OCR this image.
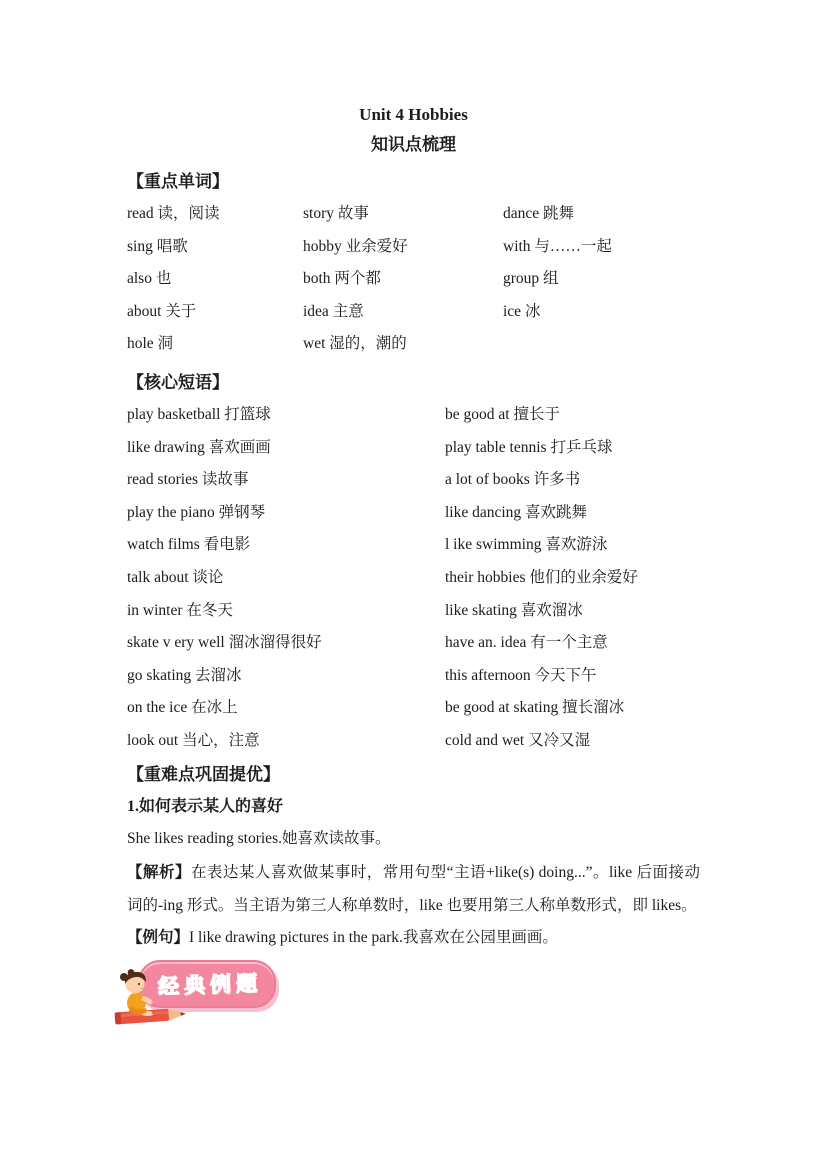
Unit 4 Hobbies
知识点梳理
【重点单词】
read 读，阅读	story 故事	dance 跳舞
sing 唱歌	hobby 业余爱好	with 与……一起
also 也	both 两个都	group 组
about 关于	idea 主意	ice 冰
hole 洞	wet 湿的，潮的
【核心短语】
play basketball 打篮球	be good at 擅长于
like drawing 喜欢画画	play table tennis 打乒乓球
read stories 读故事	a lot of books 许多书
play the piano 弹钢琴	like dancing 喜欢跳舞
watch films 看电影	l ike swimming 喜欢游泳
talk about 谈论	their hobbies 他们的业余爱好
in winter 在冬天	like skating 喜欢溜冰
skate v ery well 溜冰溜得很好	have an. idea 有一个主意
go skating 去溜冰	this afternoon 今天下午
on the ice 在冰上	be good at skating 擅长溜冰
look out 当心，注意	cold and wet 又冷又湿
【重难点巩固提优】
1.如何表示某人的喜好
She likes reading stories.她喜欢读故事。

【解析】在表达某人喜欢做某事时，常用句型“主语+like(s) doing...”。like 后面接动词的-ing 形式。当主语为第三人称单数时，like 也要用第三人称单数形式，即 likes。

【例句】I like drawing pictures in the park.我喜欢在公园里画画。
经典例题
